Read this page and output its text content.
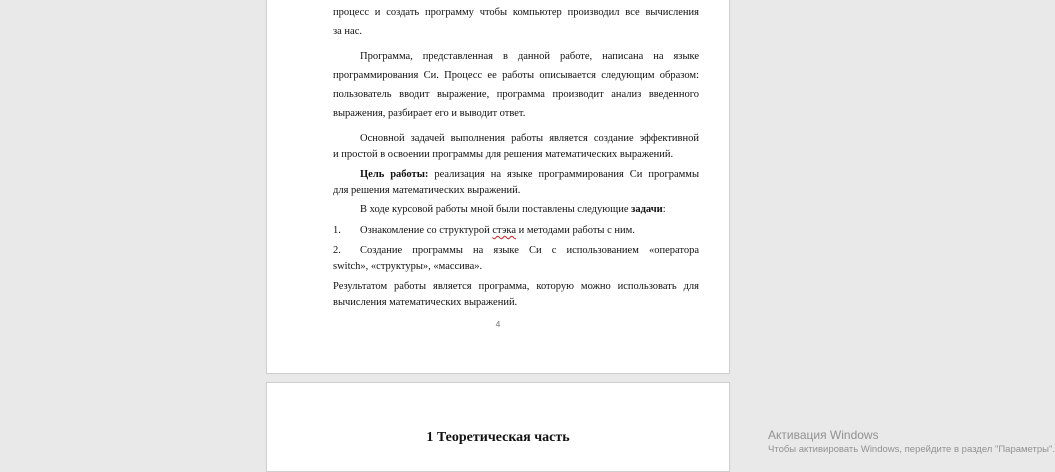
процесс и создать программу чтобы компьютер производил все вычисления
за нас.
Программа, представленная в данной работе, написана на языке
программирования Си. Процесс ее работы описывается следующим образом:
пользователь вводит выражение, программа производит анализ введенного
выражения, разбирает его и выводит ответ.
Основной задачей выполнения работы является создание эффективной
и простой в освоении программы для решения математических выражений.
Цель работы: реализация на языке программирования Си программы
для решения математических выражений.
В ходе курсовой работы мной были поставлены следующие задачи:
1. Ознакомление со структурой стэка и методами работы с ним.
2. Создание программы на языке Си с использованием «оператора
switch», «структуры», «массива».
Результатом работы является программа, которую можно использовать для
вычисления математических выражений.
4
1 Теоретическая часть	Активация Windows
Чтобы активировать Windows, перейдите в раздел "Параметры".
